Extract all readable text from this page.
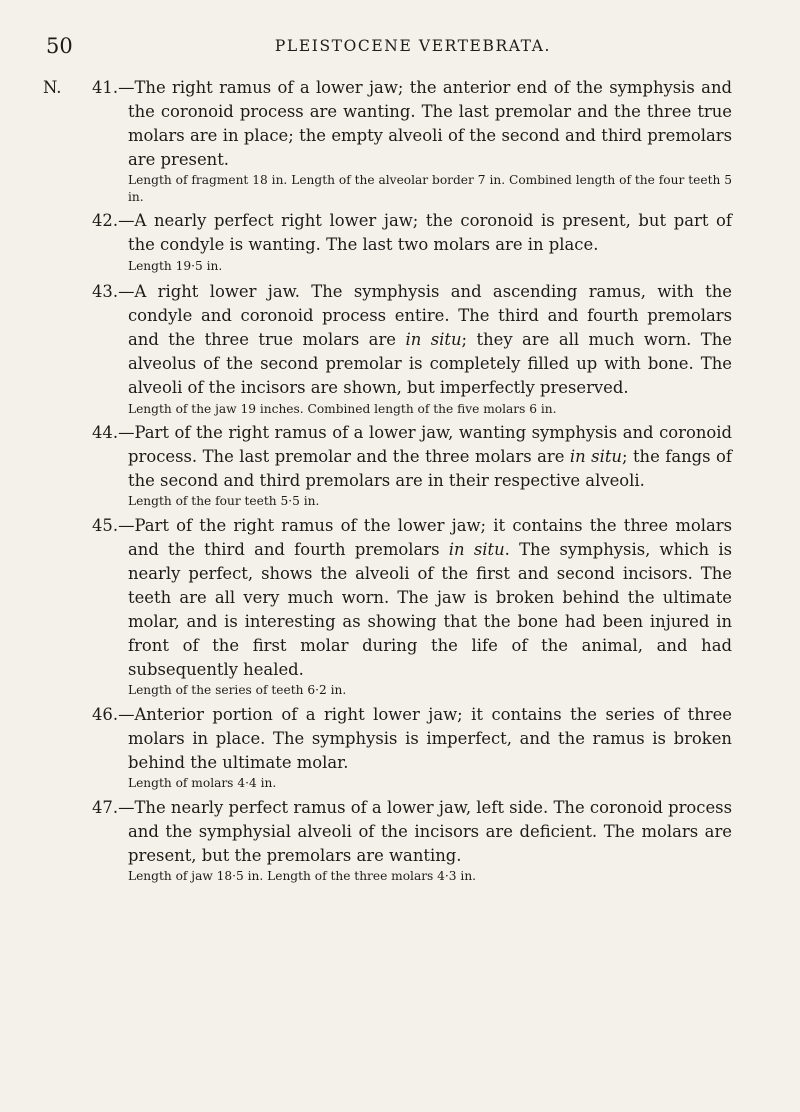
50	PLEISTOCENE VERTEBRATA.

N. 41.—The right ramus of a lower jaw; the anterior end of the symphysis and the coronoid process are wanting. The last premolar and the three true molars are in place; the empty alveoli of the second and third premolars are present.

Length of fragment 18 in. Length of the alveolar border 7 in. Combined length of the four teeth 5 in.

42.—A nearly perfect right lower jaw; the coronoid is present, but part of the condyle is wanting. The last two molars are in place.

Length 19·5 in.

43.—A right lower jaw. The symphysis and ascending ramus, with the condyle and coronoid process entire. The third and fourth premolars and the three true molars are in situ; they are all much worn. The alveolus of the second premolar is completely filled up with bone. The alveoli of the incisors are shown, but imperfectly preserved.

Length of the jaw 19 inches. Combined length of the five molars 6 in.

44.—Part of the right ramus of a lower jaw, wanting symphysis and coronoid process. The last premolar and the three molars are in situ; the fangs of the second and third premolars are in their respective alveoli.

Length of the four teeth 5·5 in.

45.—Part of the right ramus of the lower jaw; it contains the three molars and the third and fourth premolars in situ. The symphysis, which is nearly perfect, shows the alveoli of the first and second incisors. The teeth are all very much worn. The jaw is broken behind the ultimate molar, and is interesting as showing that the bone had been injured in front of the first molar during the life of the animal, and had subsequently healed.

Length of the series of teeth 6·2 in.

46.—Anterior portion of a right lower jaw; it contains the series of three molars in place. The symphysis is imperfect, and the ramus is broken behind the ultimate molar.

Length of molars 4·4 in.

47.—The nearly perfect ramus of a lower jaw, left side. The coronoid process and the symphysial alveoli of the incisors are deficient. The molars are present, but the premolars are wanting.

Length of jaw 18·5 in. Length of the three molars 4·3 in.
